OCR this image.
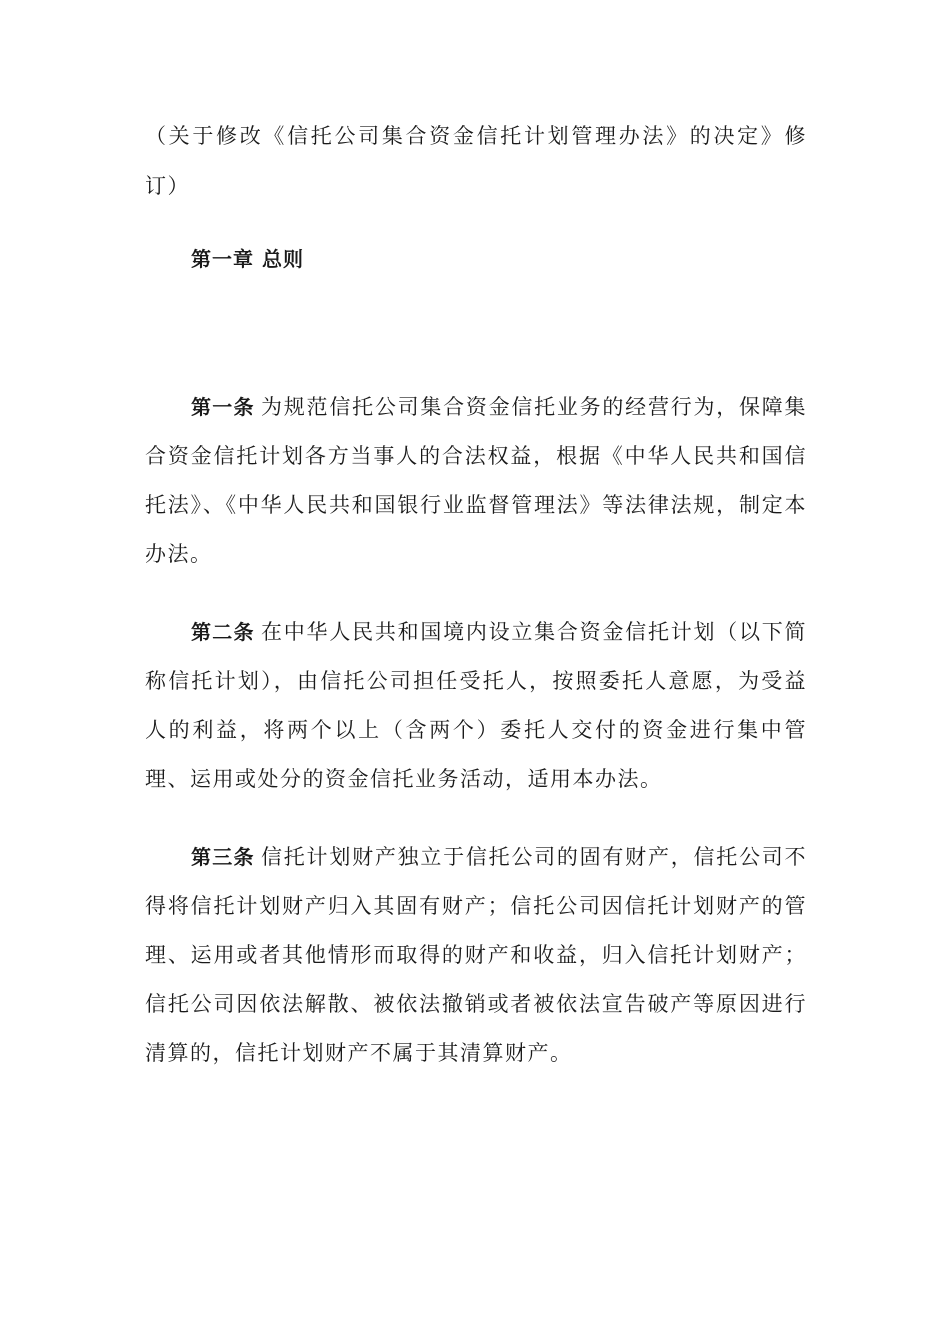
（关于修改《信托公司集合资金信托计划管理办法》的决定》修订）

第一章 总则

第一条 为规范信托公司集合资金信托业务的经营行为，保障集合资金信托计划各方当事人的合法权益，根据《中华人民共和国信托法》、《中华人民共和国银行业监督管理法》等法律法规，制定本办法。

第二条 在中华人民共和国境内设立集合资金信托计划（以下简称信托计划），由信托公司担任受托人，按照委托人意愿，为受益人的利益，将两个以上（含两个）委托人交付的资金进行集中管理、运用或处分的资金信托业务活动，适用本办法。

第三条 信托计划财产独立于信托公司的固有财产，信托公司不得将信托计划财产归入其固有财产；信托公司因信托计划财产的管理、运用或者其他情形而取得的财产和收益，归入信托计划财产；信托公司因依法解散、被依法撤销或者被依法宣告破产等原因进行清算的，信托计划财产不属于其清算财产。
